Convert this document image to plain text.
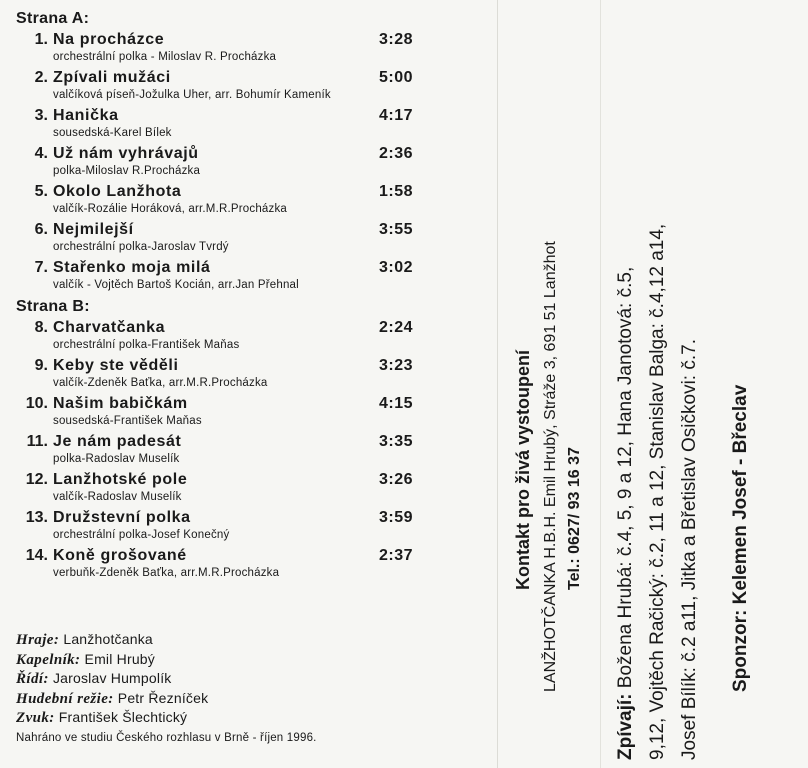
Strana A:
1. Na procházce	3:28
orchestrální polka - Miloslav R. Procházka
2. Zpívali mužáci	5:00
valčíková píseň-Jožulka Uher, arr. Bohumír Kameník
3. Hanička	4:17
sousedská-Karel Bílek
4. Už nám vyhrávajů	2:36
polka-Miloslav R.Procházka
5. Okolo Lanžhota	1:58
valčík-Rozálie Horáková, arr.M.R.Procházka
6. Nejmilejší	3:55
orchestrální polka-Jaroslav Tvrdý
7. Stařenko moja milá	3:02
valčík - Vojtěch Bartoš Kocián, arr.Jan Přehnal
Strana B:
8. Charvatčanka	2:24
orchestrální polka-František Maňas
9. Keby ste věděli	3:23
valčík-Zdeněk Baťka, arr.M.R.Procházka
10. Našim babičkám	4:15
sousedská-František Maňas
11. Je nám padesát	3:35
polka-Radoslav Muselík
12. Lanžhotské pole	3:26
valčík-Radoslav Muselík
13. Družstevní polka	3:59
orchestrální polka-Josef Konečný
14. Koně grošované	2:37
verbuňk-Zdeněk Baťka, arr.M.R.Procházka
Hraje: Lanžhotčanka
Kapelník: Emil Hrubý
Řídí: Jaroslav Humpolík
Hudební režie: Petr Řezníček
Zvuk: František Šlechtický
Nahráno ve studiu Českého rozhlasu v Brně - říjen 1996.
Kontakt pro živá vystoupení LANŽHOTČANKA H.B.H. Emil Hrubý, Stráže 3, 691 51 Lanžhot Tel.: 0627/ 93 16 37
Zpívají: Božena Hrubá: č.4, 5, 9 a 12, Hana Janotová: č.5, 9,12, Vojtěch Račický: č.2, 11 a 12, Stanislav Balga: č.4,12 a14, Josef Bílík: č.2 a11, Jitka a Břetislav Osičkovi: č.7.	Sponzor: Kelemen Josef - Břeclav
